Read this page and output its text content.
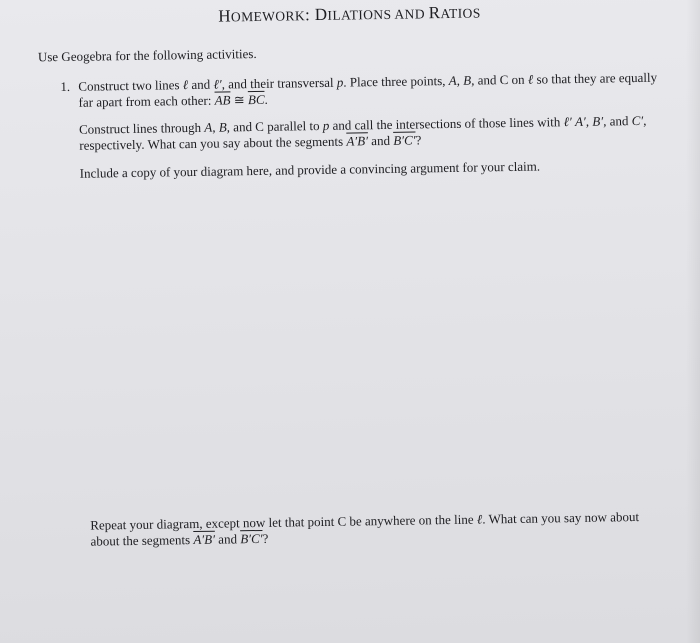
HOMEWORK: DILATIONS AND RATIOS
Use Geogebra for the following activities.
1. Construct two lines ℓ and ℓ′, and their transversal p. Place three points, A, B, and C on ℓ so that they are equally
far apart from each other: $\overline{AB}$ ≅ $\overline{BC}$.
Construct lines through A, B, and C parallel to p and call the intersections of those lines with ℓ′ A′, B′, and C′,
respectively. What can you say about the segments A′B′ and B′C′?
Include a copy of your diagram here, and provide a convincing argument for your claim.
Repeat your diagram, except now let that point C be anywhere on the line ℓ. What can you say now about
about the segments A′B′ and B′C′?
